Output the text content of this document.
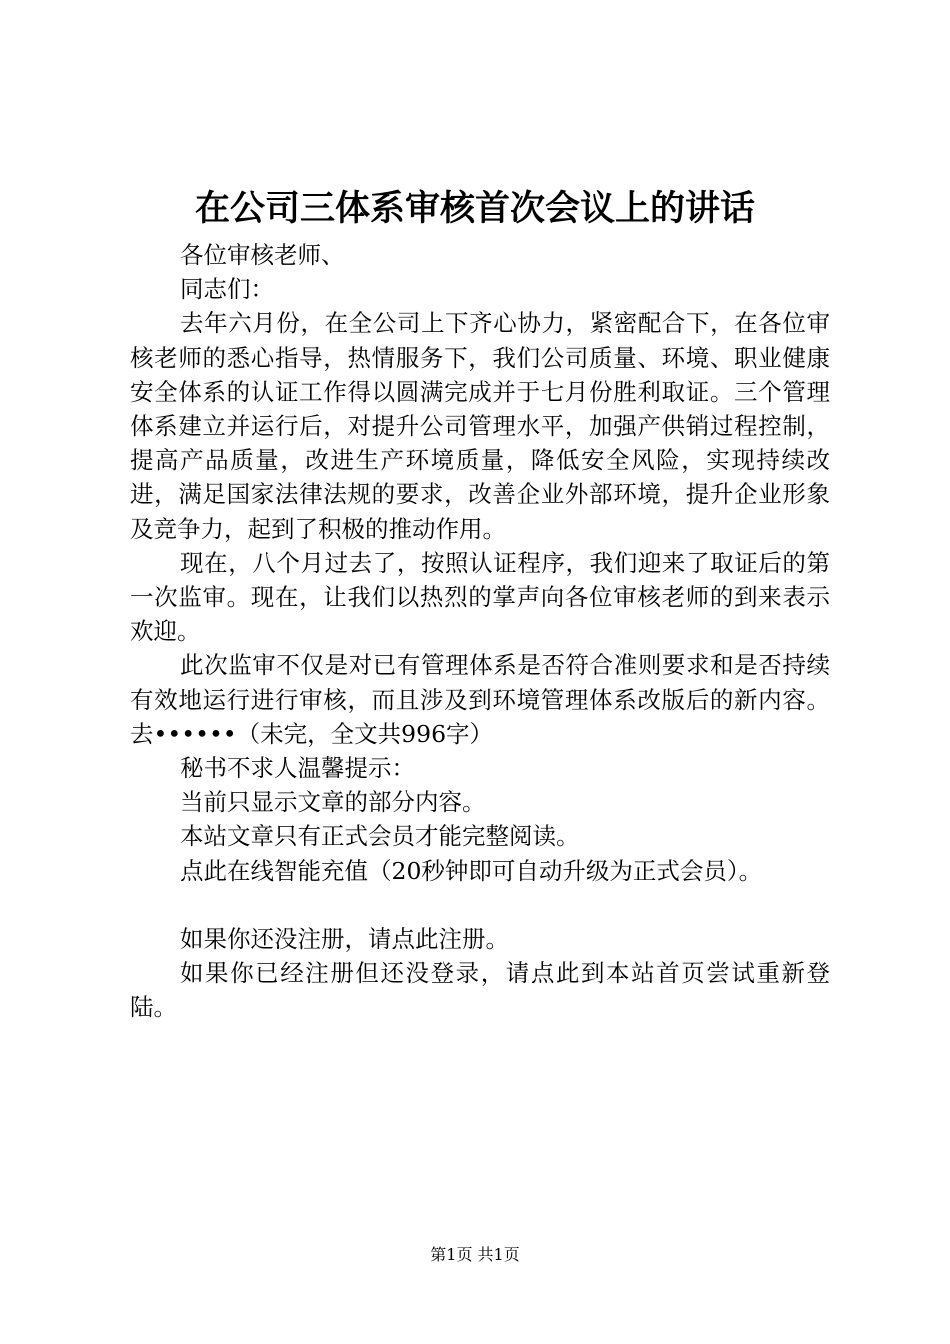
在公司三体系审核首次会议上的讲话

各位审核老师、

同志们：

去年六月份，在全公司上下齐心协力，紧密配合下，在各位审核老师的悉心指导，热情服务下，我们公司质量、环境、职业健康安全体系的认证工作得以圆满完成并于七月份胜利取证。三个管理体系建立并运行后，对提升公司管理水平，加强产供销过程控制，提高产品质量，改进生产环境质量，降低安全风险，实现持续改进，满足国家法律法规的要求，改善企业外部环境，提升企业形象及竞争力，起到了积极的推动作用。

现在，八个月过去了，按照认证程序，我们迎来了取证后的第一次监审。现在，让我们以热烈的掌声向各位审核老师的到来表示欢迎。

此次监审不仅是对已有管理体系是否符合准则要求和是否持续有效地运行进行审核，而且涉及到环境管理体系改版后的新内容。去••••••（未完，全文共996字）

秘书不求人温馨提示：

当前只显示文章的部分内容。

本站文章只有正式会员才能完整阅读。

点此在线智能充值（20秒钟即可自动升级为正式会员）。

如果你还没注册，请点此注册。

如果你已经注册但还没登录，请点此到本站首页尝试重新登陆。

第1页 共1页
